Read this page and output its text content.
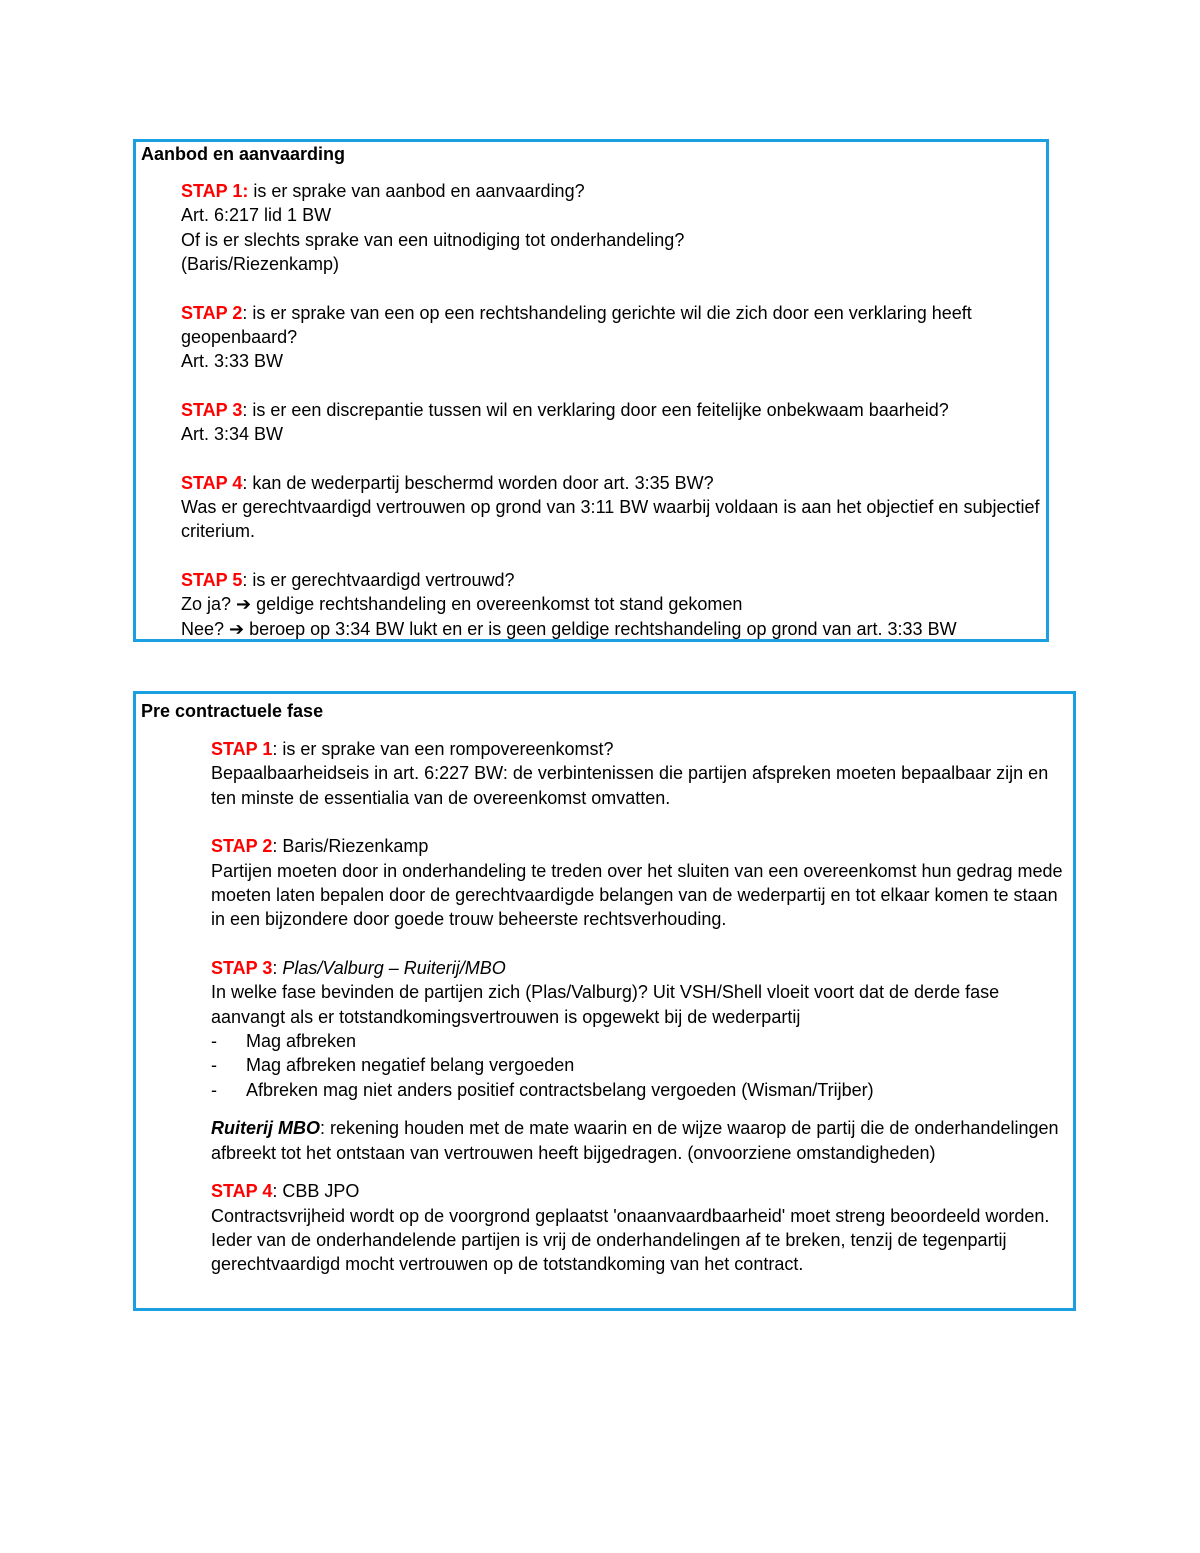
Aanbod en aanvaarding
STAP 1: is er sprake van aanbod en aanvaarding?
Art. 6:217 lid 1 BW
Of is er slechts sprake van een uitnodiging tot onderhandeling?
(Baris/Riezenkamp)
STAP 2: is er sprake van een op een rechtshandeling gerichte wil die zich door een verklaring heeft geopenbaard?
Art. 3:33 BW
STAP 3: is er een discrepantie tussen wil en verklaring door een feitelijke onbekwaam baarheid?
Art. 3:34 BW
STAP 4: kan de wederpartij beschermd worden door art. 3:35 BW?
Was er gerechtvaardigd vertrouwen op grond van 3:11 BW waarbij voldaan is aan het objectief en subjectief criterium.
STAP 5: is er gerechtvaardigd vertrouwd?
Zo ja? ➔ geldige rechtshandeling en overeenkomst tot stand gekomen
Nee? ➔ beroep op 3:34 BW lukt en er is geen geldige rechtshandeling op grond van art. 3:33 BW
Pre contractuele fase
STAP 1: is er sprake van een rompovereenkomst?
Bepaalbaarheidseis in art. 6:227 BW: de verbintenissen die partijen afspreken moeten bepaalbaar zijn en ten minste de essentialia van de overeenkomst omvatten.
STAP 2: Baris/Riezenkamp
Partijen moeten door in onderhandeling te treden over het sluiten van een overeenkomst hun gedrag mede moeten laten bepalen door de gerechtvaardigde belangen van de wederpartij en tot elkaar komen te staan in een bijzondere door goede trouw beheerste rechtsverhouding.
STAP 3: Plas/Valburg – Ruiterij/MBO
In welke fase bevinden de partijen zich (Plas/Valburg)? Uit VSH/Shell vloeit voort dat de derde fase aanvangt als er totstandkomingsvertrouwen is opgewekt bij de wederpartij
- Mag afbreken
- Mag afbreken negatief belang vergoeden
- Afbreken mag niet anders positief contractsbelang vergoeden (Wisman/Trijber)
Ruiterij MBO: rekening houden met de mate waarin en de wijze waarop de partij die de onderhandelingen afbreekt tot het ontstaan van vertrouwen heeft bijgedragen. (onvoorziene omstandigheden)
STAP 4: CBB JPO
Contractsvrijheid wordt op de voorgrond geplaatst 'onaanvaardbaarheid' moet streng beoordeeld worden. Ieder van de onderhandelende partijen is vrij de onderhandelingen af te breken, tenzij de tegenpartij gerechtvaardigd mocht vertrouwen op de totstandkoming van het contract.
